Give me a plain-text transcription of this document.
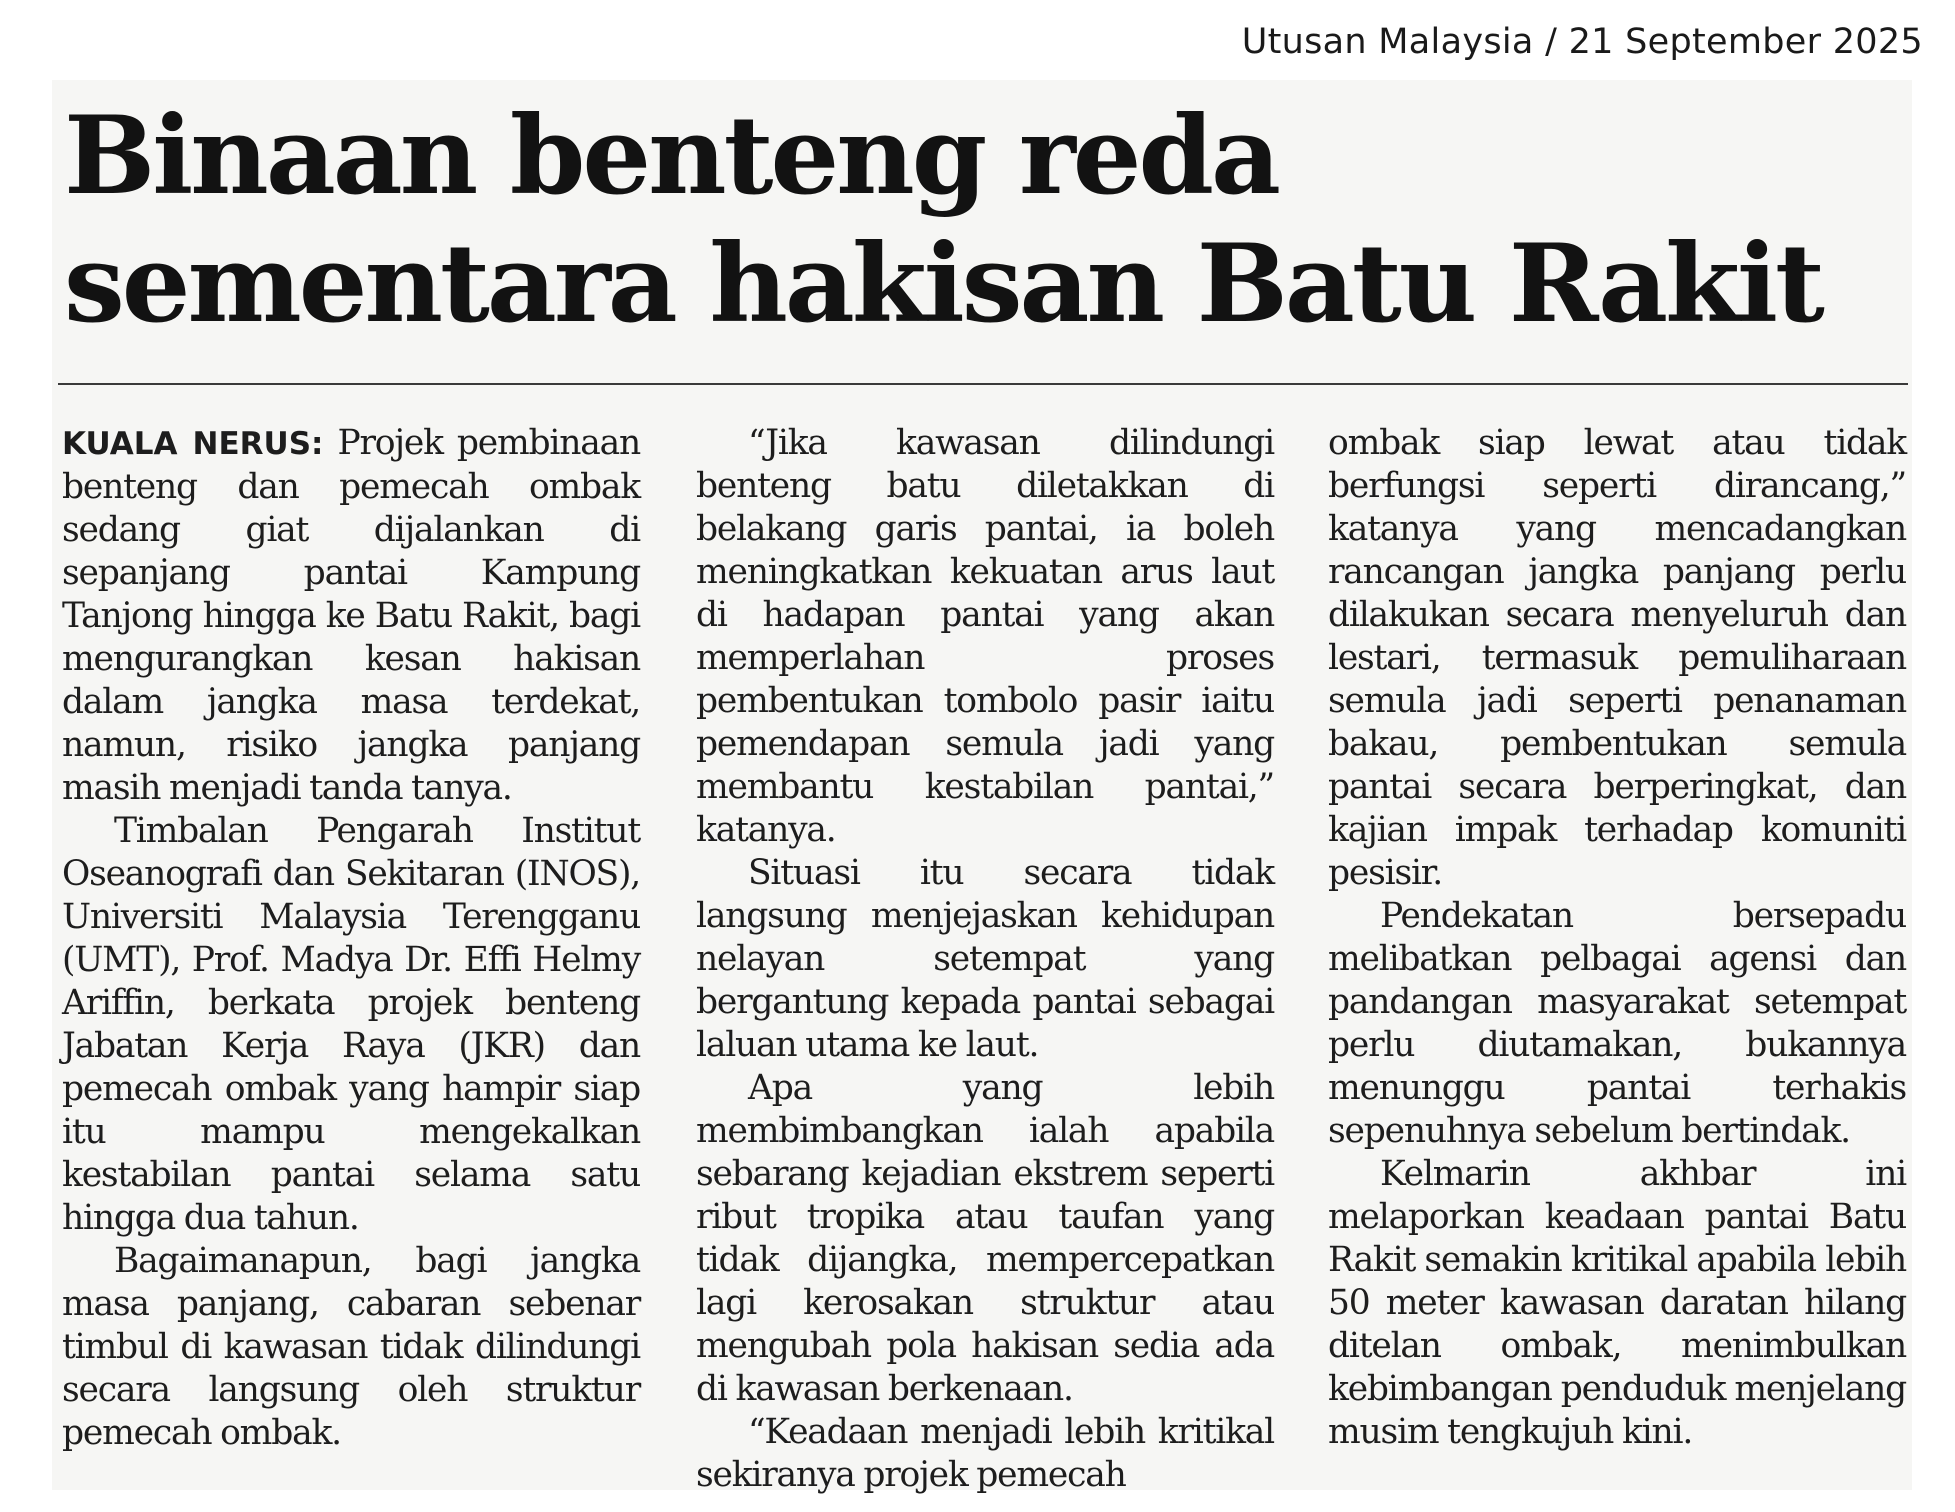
Utusan Malaysia / 21 September 2025
Binaan benteng reda
sementara hakisan Batu Rakit

KUALA NERUS: Projek pembinaan benteng dan pemecah ombak sedang giat dijalankan di sepanjang pantai Kampung Tanjong hingga ke Batu Rakit, bagi mengurangkan kesan hakisan dalam jangka masa terdekat, namun, risiko jangka panjang masih menjadi tanda tanya.

Timbalan Pengarah Institut Oseanografi dan Sekitaran (INOS), Universiti Malaysia Terengganu (UMT), Prof. Madya Dr. Effi Helmy Ariffin, berkata projek benteng Jabatan Kerja Raya (JKR) dan pemecah ombak yang hampir siap itu mampu mengekalkan kestabilan pantai selama satu hingga dua tahun.

Bagaimanapun, bagi jangka masa panjang, cabaran sebenar timbul di kawasan tidak dilindungi secara langsung oleh struktur pemecah ombak.

“Jika kawasan dilindungi benteng batu diletakkan di belakang garis pantai, ia boleh meningkatkan kekuatan arus laut di hadapan pantai yang akan memperlahan proses pembentukan tombolo pasir iaitu pemendapan semula jadi yang membantu kestabilan pantai,” katanya.

Situasi itu secara tidak langsung menjejaskan kehidupan nelayan setempat yang bergantung kepada pantai sebagai laluan utama ke laut.

Apa yang lebih membimbangkan ialah apabila sebarang kejadian ekstrem seperti ribut tropika atau taufan yang tidak dijangka, mempercepatkan lagi kerosakan struktur atau mengubah pola hakisan sedia ada di kawasan berkenaan.

“Keadaan menjadi lebih kritikal sekiranya projek pemecah

ombak siap lewat atau tidak berfungsi seperti dirancang,” katanya yang mencadangkan rancangan jangka panjang perlu dilakukan secara menyeluruh dan lestari, termasuk pemuliharaan semula jadi seperti penanaman bakau, pembentukan semula pantai secara berperingkat, dan kajian impak terhadap komuniti pesisir.

Pendekatan bersepadu melibatkan pelbagai agensi dan pandangan masyarakat setempat perlu diutamakan, bukannya menunggu pantai terhakis sepenuhnya sebelum bertindak.

Kelmarin akhbar ini melaporkan keadaan pantai Batu Rakit semakin kritikal apabila lebih 50 meter kawasan daratan hilang ditelan ombak, menimbulkan kebimbangan penduduk menjelang musim tengkujuh kini.
